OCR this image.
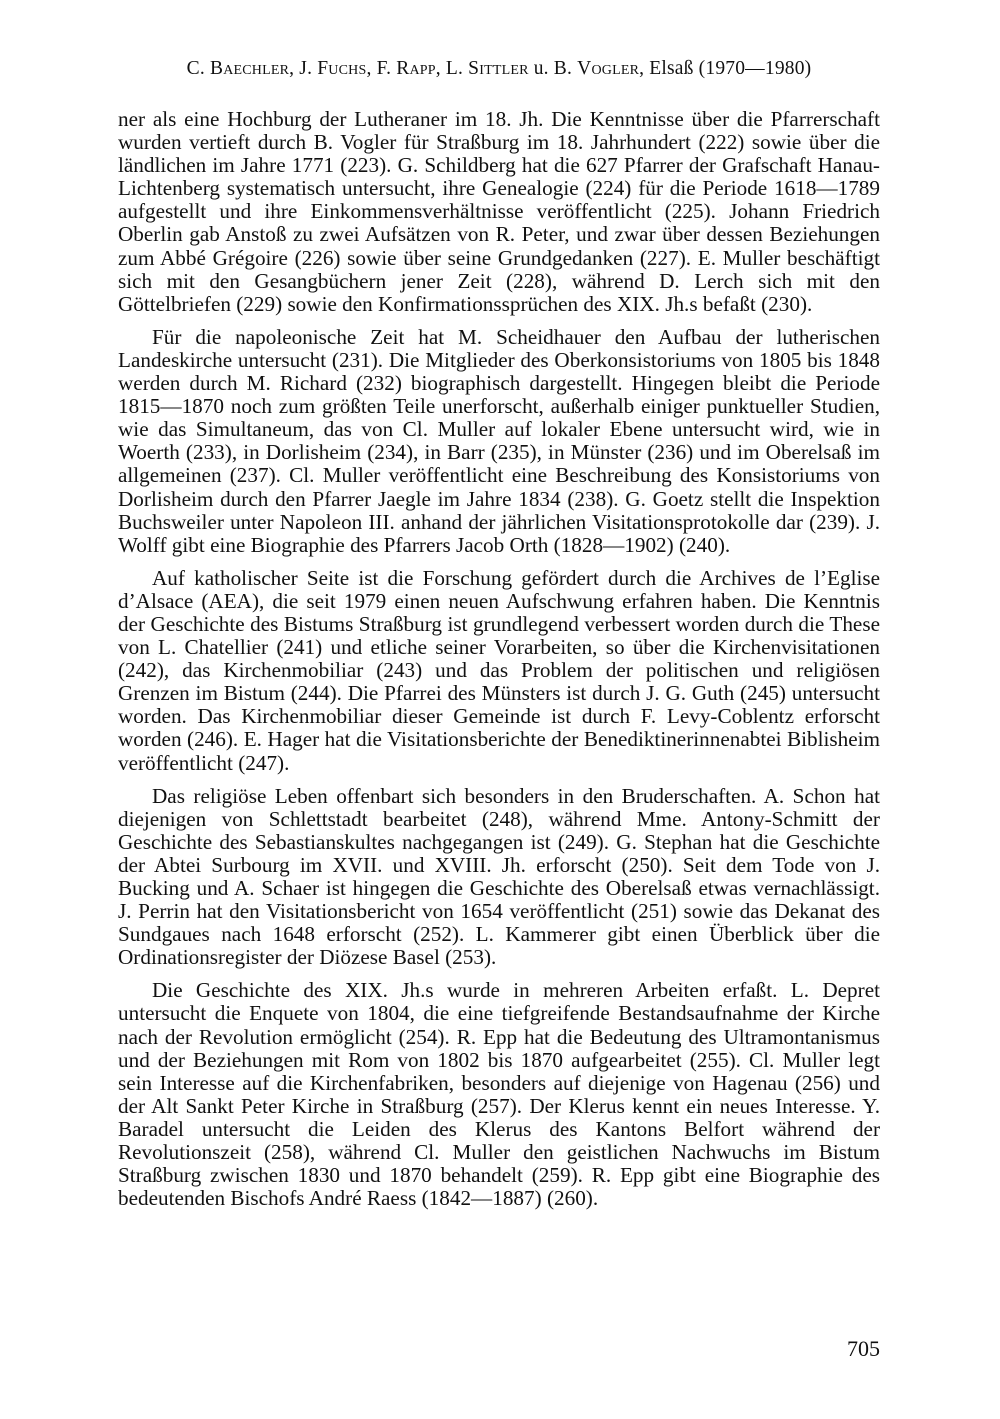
C. Baechler, J. Fuchs, F. Rapp, L. Sittler u. B. Vogler, Elsaß (1970—1980)

ner als eine Hochburg der Lutheraner im 18. Jh. Die Kenntnisse über die Pfarrerschaft wurden vertieft durch B. Vogler für Straßburg im 18. Jahrhundert (222) sowie über die ländlichen im Jahre 1771 (223). G. Schildberg hat die 627 Pfarrer der Grafschaft Hanau-Lichtenberg systematisch untersucht, ihre Genealogie (224) für die Periode 1618—1789 aufgestellt und ihre Einkommensverhältnisse veröffentlicht (225). Johann Friedrich Oberlin gab Anstoß zu zwei Aufsätzen von R. Peter, und zwar über dessen Beziehungen zum Abbé Grégoire (226) sowie über seine Grundgedanken (227). E. Muller beschäftigt sich mit den Gesangbüchern jener Zeit (228), während D. Lerch sich mit den Göttelbriefen (229) sowie den Konfirmationssprüchen des XIX. Jh.s befaßt (230).

Für die napoleonische Zeit hat M. Scheidhauer den Aufbau der lutherischen Landeskirche untersucht (231). Die Mitglieder des Oberkonsistoriums von 1805 bis 1848 werden durch M. Richard (232) biographisch dargestellt. Hingegen bleibt die Periode 1815—1870 noch zum größten Teile unerforscht, außerhalb einiger punktueller Studien, wie das Simultaneum, das von Cl. Muller auf lokaler Ebene untersucht wird, wie in Woerth (233), in Dorlisheim (234), in Barr (235), in Münster (236) und im Oberelsaß im allgemeinen (237). Cl. Muller veröffentlicht eine Beschreibung des Konsistoriums von Dorlisheim durch den Pfarrer Jaegle im Jahre 1834 (238). G. Goetz stellt die Inspektion Buchsweiler unter Napoleon III. anhand der jährlichen Visitationsprotokolle dar (239). J. Wolff gibt eine Biographie des Pfarrers Jacob Orth (1828—1902) (240).

Auf katholischer Seite ist die Forschung gefördert durch die Archives de l’Eglise d’Alsace (AEA), die seit 1979 einen neuen Aufschwung erfahren haben. Die Kenntnis der Geschichte des Bistums Straßburg ist grundlegend verbessert worden durch die These von L. Chatellier (241) und etliche seiner Vorarbeiten, so über die Kirchenvisitationen (242), das Kirchenmobiliar (243) und das Problem der politischen und religiösen Grenzen im Bistum (244). Die Pfarrei des Münsters ist durch J. G. Guth (245) untersucht worden. Das Kirchenmobiliar dieser Gemeinde ist durch F. Levy-Coblentz erforscht worden (246). E. Hager hat die Visitationsberichte der Benediktinerinnenabtei Biblisheim veröffentlicht (247).

Das religiöse Leben offenbart sich besonders in den Bruderschaften. A. Schon hat diejenigen von Schlettstadt bearbeitet (248), während Mme. Antony-Schmitt der Geschichte des Sebastianskultes nachgegangen ist (249). G. Stephan hat die Geschichte der Abtei Surbourg im XVII. und XVIII. Jh. erforscht (250). Seit dem Tode von J. Bucking und A. Schaer ist hingegen die Geschichte des Oberelsaß etwas vernachlässigt. J. Perrin hat den Visitationsbericht von 1654 veröffentlicht (251) sowie das Dekanat des Sundgaues nach 1648 erforscht (252). L. Kammerer gibt einen Überblick über die Ordinationsregister der Diözese Basel (253).

Die Geschichte des XIX. Jh.s wurde in mehreren Arbeiten erfaßt. L. Depret untersucht die Enquete von 1804, die eine tiefgreifende Bestandsaufnahme der Kirche nach der Revolution ermöglicht (254). R. Epp hat die Bedeutung des Ultramontanismus und der Beziehungen mit Rom von 1802 bis 1870 aufgearbeitet (255). Cl. Muller legt sein Interesse auf die Kirchenfabriken, besonders auf diejenige von Hagenau (256) und der Alt Sankt Peter Kirche in Straßburg (257). Der Klerus kennt ein neues Interesse. Y. Baradel untersucht die Leiden des Klerus des Kantons Belfort während der Revolutionszeit (258), während Cl. Muller den geistlichen Nachwuchs im Bistum Straßburg zwischen 1830 und 1870 behandelt (259). R. Epp gibt eine Biographie des bedeutenden Bischofs André Raess (1842—1887) (260).

705
